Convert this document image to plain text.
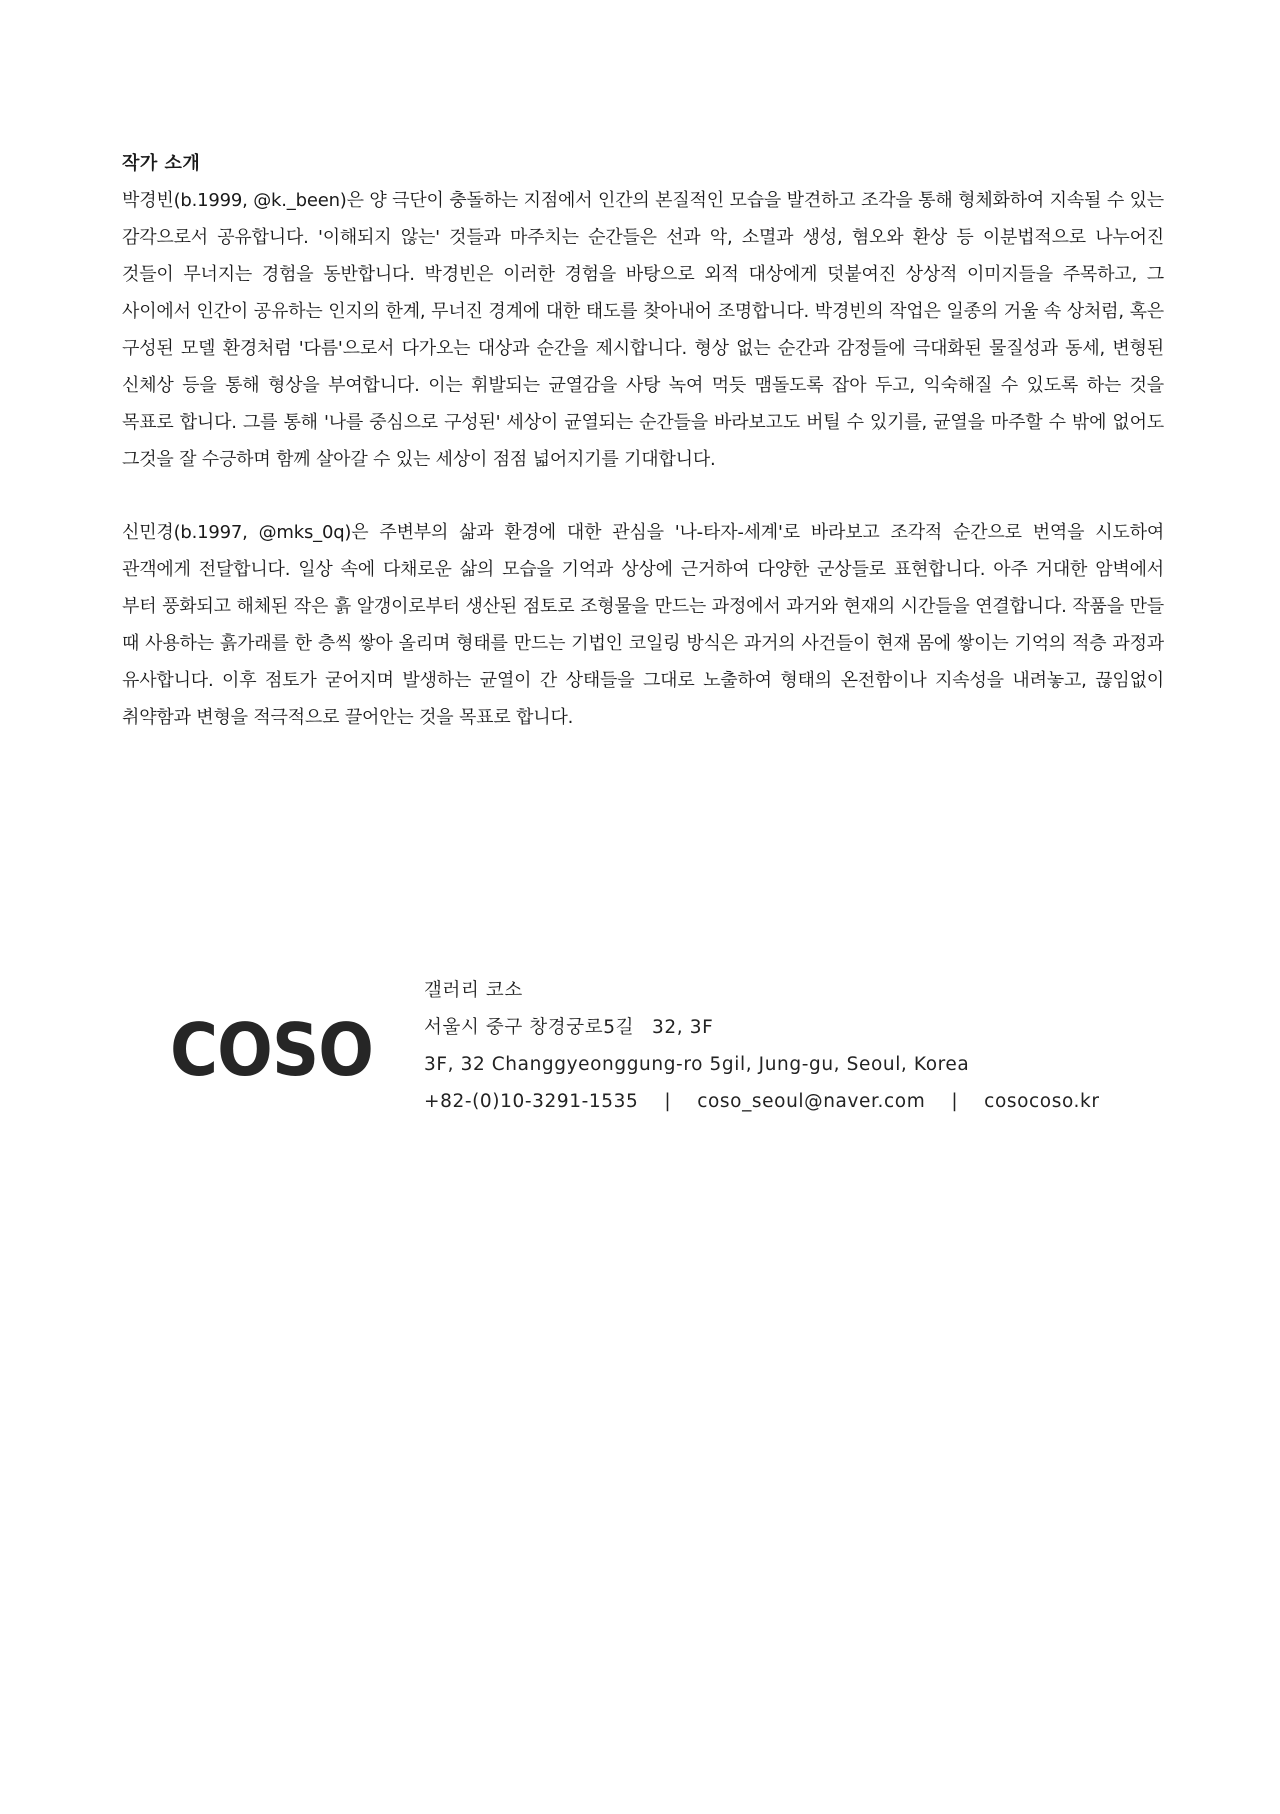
작가 소개

박경빈(b.1999, @k._been)은 양 극단이 충돌하는 지점에서 인간의 본질적인 모습을 발견하고 조각을 통해 형체화하여 지속될 수 있는 감각으로서 공유합니다. '이해되지 않는' 것들과 마주치는 순간들은 선과 악, 소멸과 생성, 혐오와 환상 등 이분법적으로 나누어진 것들이 무너지는 경험을 동반합니다. 박경빈은 이러한 경험을 바탕으로 외적 대상에게 덧붙여진 상상적 이미지들을 주목하고, 그 사이에서 인간이 공유하는 인지의 한계, 무너진 경계에 대한 태도를 찾아내어 조명합니다. 박경빈의 작업은 일종의 거울 속 상처럼, 혹은 구성된 모델 환경처럼 '다름'으로서 다가오는 대상과 순간을 제시합니다. 형상 없는 순간과 감정들에 극대화된 물질성과 동세, 변형된 신체상 등을 통해 형상을 부여합니다. 이는 휘발되는 균열감을 사탕 녹여 먹듯 맴돌도록 잡아 두고, 익숙해질 수 있도록 하는 것을 목표로 합니다. 그를 통해 '나를 중심으로 구성된' 세상이 균열되는 순간들을 바라보고도 버틸 수 있기를, 균열을 마주할 수 밖에 없어도 그것을 잘 수긍하며 함께 살아갈 수 있는 세상이 점점 넓어지기를 기대합니다.

신민경(b.1997, @mks_0q)은 주변부의 삶과 환경에 대한 관심을 '나-타자-세계'로 바라보고 조각적 순간으로 번역을 시도하여 관객에게 전달합니다. 일상 속에 다채로운 삶의 모습을 기억과 상상에 근거하여 다양한 군상들로 표현합니다. 아주 거대한 암벽에서 부터 풍화되고 해체된 작은 흙 알갱이로부터 생산된 점토로 조형물을 만드는 과정에서 과거와 현재의 시간들을 연결합니다. 작품을 만들 때 사용하는 흙가래를 한 층씩 쌓아 올리며 형태를 만드는 기법인 코일링 방식은 과거의 사건들이 현재 몸에 쌓이는 기억의 적층 과정과 유사합니다. 이후 점토가 굳어지며 발생하는 균열이 간 상태들을 그대로 노출하여 형태의 온전함이나 지속성을 내려놓고, 끊임없이 취약함과 변형을 적극적으로 끌어안는 것을 목표로 합니다.

COSO
갤러리 코소
서울시 중구 창경궁로5길 32, 3F
3F, 32 Changgyeonggung-ro 5gil, Jung-gu, Seoul, Korea
+82-(0)10-3291-1535 | coso_seoul@naver.com | cosocoso.kr
